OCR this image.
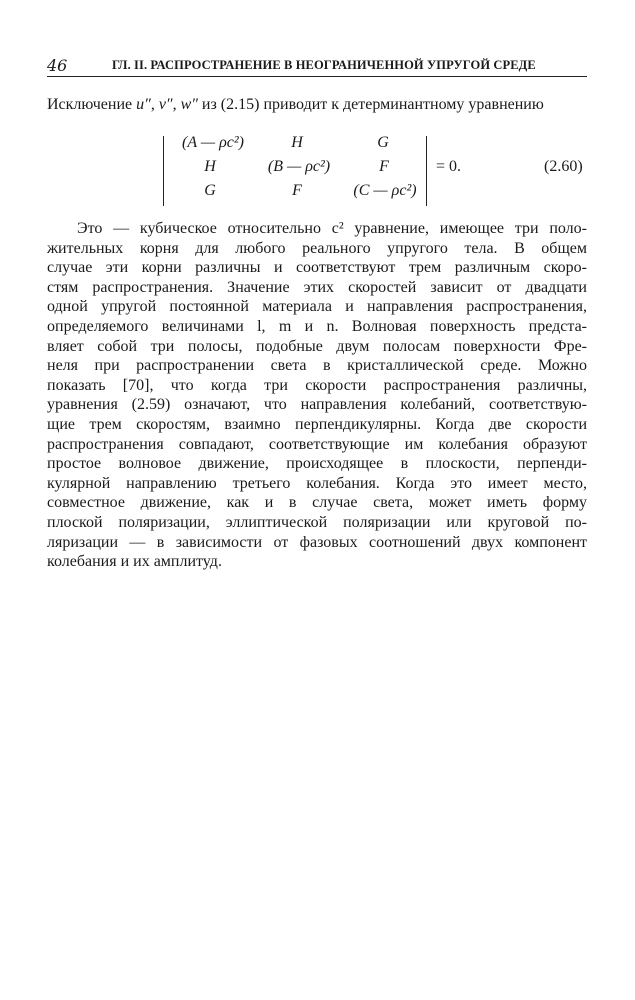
46	ГЛ. II. РАСПРОСТРАНЕНИЕ В НЕОГРАНИЧЕННОЙ УПРУГОЙ СРЕДЕ

Исключение u″, v″, w″ из (2.15) приводит к детерминантному уравнению

(A — ρc²)	H	G
H	(B — ρc²)	F
G	F	(C — ρc²)
= 0.	(2.60)
Это — кубическое относительно c² уравнение, имеющее три поло-
жительных корня для любого реального упругого тела. В общем
случае эти корни различны и соответствуют трем различным скоро-
стям распространения. Значение этих скоростей зависит от двадцати
одной упругой постоянной материала и направления распространения,
определяемого величинами l, m и n. Волновая поверхность предста-
вляет собой три полосы, подобные двум полосам поверхности Фре-
неля при распространении света в кристаллической среде. Можно
показать [70], что когда три скорости распространения различны,
уравнения (2.59) означают, что направления колебаний, соответствую-
щие трем скоростям, взаимно перпендикулярны. Когда две скорости
распространения совпадают, соответствующие им колебания образуют
простое волновое движение, происходящее в плоскости, перпенди-
кулярной направлению третьего колебания. Когда это имеет место,
совместное движение, как и в случае света, может иметь форму
плоской поляризации, эллиптической поляризации или круговой по-
ляризации — в зависимости от фазовых соотношений двух компонент
колебания и их амплитуд.
